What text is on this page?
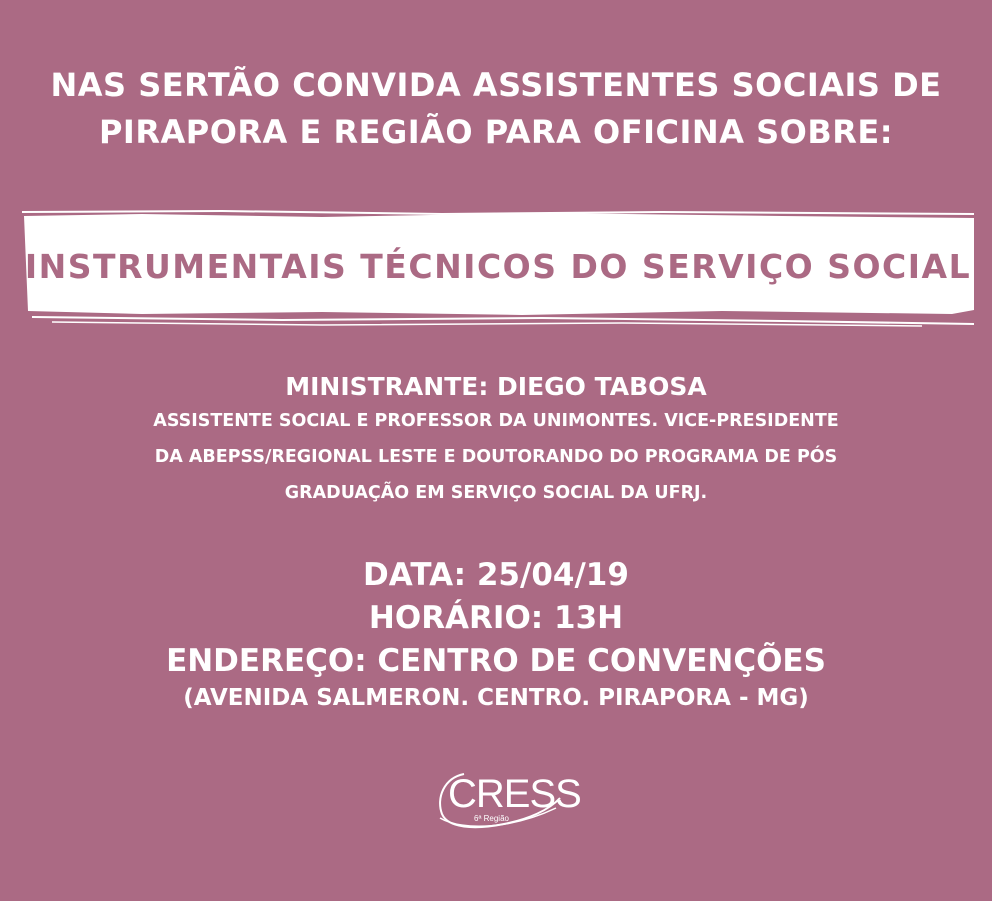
NAS SERTÃO CONVIDA ASSISTENTES SOCIAIS DE
PIRAPORA E REGIÃO PARA OFICINA SOBRE:
INSTRUMENTAIS TÉCNICOS DO SERVIÇO SOCIAL
MINISTRANTE: DIEGO TABOSA
ASSISTENTE SOCIAL E PROFESSOR DA UNIMONTES. VICE-PRESIDENTE
DA ABEPSS/REGIONAL LESTE E DOUTORANDO DO PROGRAMA DE PÓS
GRADUAÇÃO EM SERVIÇO SOCIAL DA UFRJ.
DATA: 25/04/19
HORÁRIO: 13H
ENDEREÇO: CENTRO DE CONVENÇÕES
(AVENIDA SALMERON. CENTRO. PIRAPORA - MG)
CRESS
6ª Região
